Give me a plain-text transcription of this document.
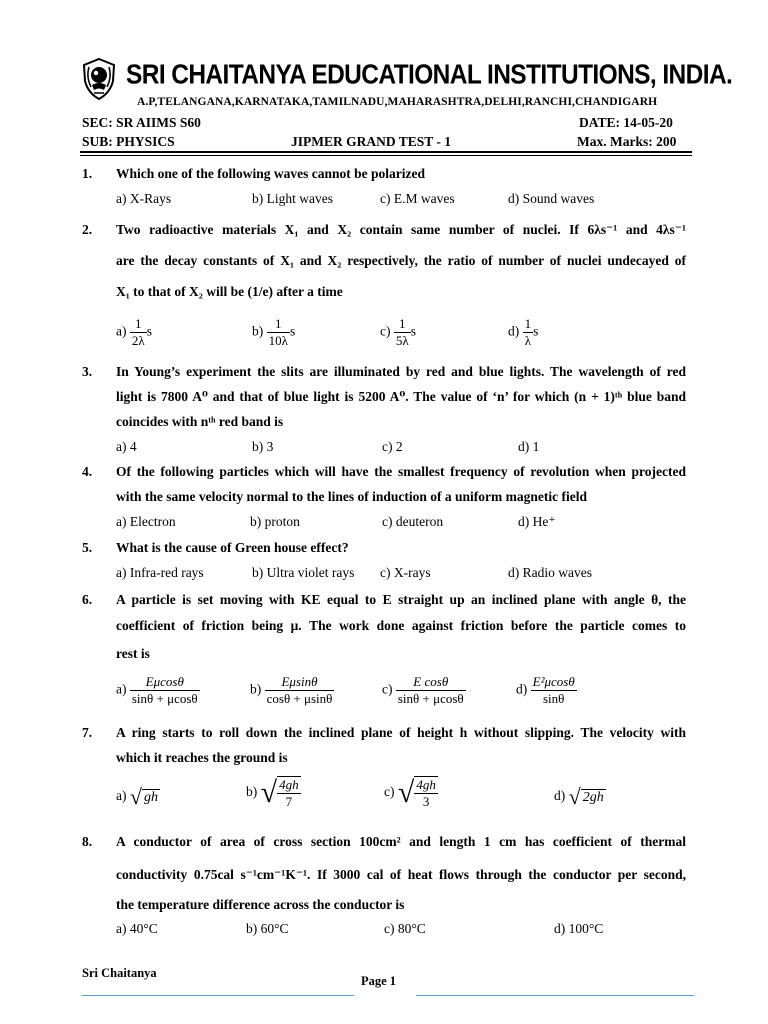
SRI CHAITANYA EDUCATIONAL INSTITUTIONS, INDIA.
A.P,TELANGANA,KARNATAKA,TAMILNADU,MAHARASHTRA,DELHI,RANCHI,CHANDIGARH
SEC: SR AIIMS S60	DATE: 14-05-20
SUB: PHYSICS	JIPMER GRAND TEST - 1	Max. Marks: 200
1. Which one of the following waves cannot be polarized
a) X-Rays	b) Light waves	c) E.M waves	d) Sound waves
2. Two radioactive materials X₁ and X₂ contain same number of nuclei. If 6λs⁻¹ and 4λs⁻¹
are the decay constants of X₁ and X₂ respectively, the ratio of number of nuclei undecayed of
X₁ to that of X₂ will be (1/e) after a time
$a) \frac{1}{2\lambda}$ s	$b) \frac{1}{10\lambda}$ s	$c) \frac{1}{5\lambda}$ s	$d) \frac{1}{\lambda}$ s
3. In Young’s experiment the slits are illuminated by red and blue lights. The wavelength of red
light is 7800 A⁰ and that of blue light is 5200 A⁰. The value of ‘n’ for which (n + 1)ᵗʰ blue band
coincides with nᵗʰ red band is
a) 4	b) 3	c) 2	d) 1
4. Of the following particles which will have the smallest frequency of revolution when projected
with the same velocity normal to the lines of induction of a uniform magnetic field
a) Electron	b) proton	c) deuteron	d) He⁺
5. What is the cause of Green house effect?
a) Infra-red rays	b) Ultra violet rays c) X-rays	d) Radio waves
6. A particle is set moving with KE equal to E straight up an inclined plane with angle θ, the
coefficient of friction being μ. The work done against friction before the particle comes to
rest is
$a) \frac{E\mu\cos\theta}{\sin\theta + \mu\cos\theta}$	$b) \frac{E\mu\sin\theta}{\cos\theta + \mu\sin\theta}$	$c) \frac{\text{E cosθ}}{\sin\theta + \mu\cos\theta}$	$d) \frac{\text{E²μcosθ}}{\sin\theta}$
7. A ring starts to roll down the inclined plane of height h without slipping. The velocity with
which it reaches the ground is
a) √ gh	b) √ $\frac{4gh}{7}$	c) √ $\frac{4gh}{3}$	d) √ 2gh
8. A conductor of area of cross section 100cm² and length 1 cm has coefficient of thermal
conductivity 0.75cal s⁻¹cm⁻¹K⁻¹. If 3000 cal of heat flows through the conductor per second,
the temperature difference across the conductor is
a) 40°C	b) 60°C	c) 80°C	d) 100°C
Sri Chaitanya
Page 1
